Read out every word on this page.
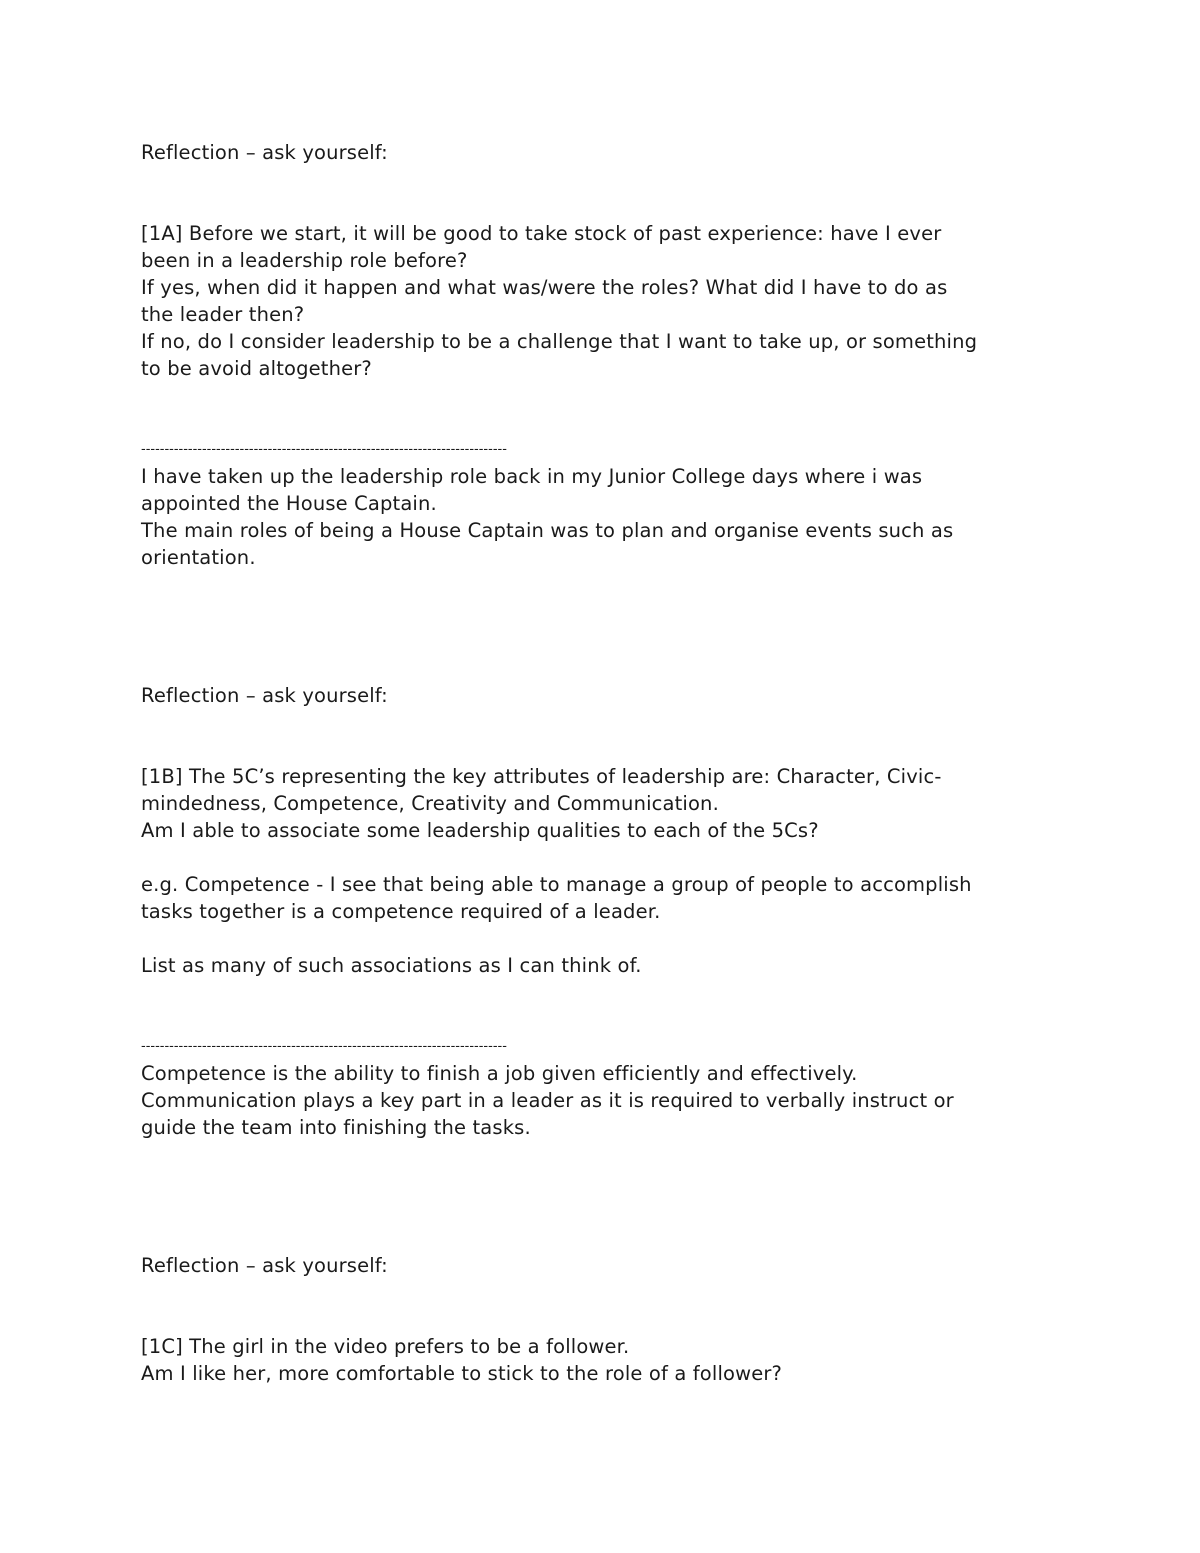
Reflection – ask yourself:
[1A] Before we start, it will be good to take stock of past experience: have I ever
been in a leadership role before?
If yes, when did it happen and what was/were the roles? What did I have to do as
the leader then?
If no, do I consider leadership to be a challenge that I want to take up, or something
to be avoid altogether?
------------------------------------------------------------------------------
I have taken up the leadership role back in my Junior College days where i was
appointed the House Captain.
The main roles of being a House Captain was to plan and organise events such as
orientation.
Reflection – ask yourself:
[1B] The 5C’s representing the key attributes of leadership are: Character, Civic-
mindedness, Competence, Creativity and Communication.
Am I able to associate some leadership qualities to each of the 5Cs?
e.g. Competence - I see that being able to manage a group of people to accomplish
tasks together is a competence required of a leader.
List as many of such associations as I can think of.
------------------------------------------------------------------------------
Competence is the ability to finish a job given efficiently and effectively.
Communication plays a key part in a leader as it is required to verbally instruct or
guide the team into finishing the tasks.
Reflection – ask yourself:
[1C] The girl in the video prefers to be a follower.
Am I like her, more comfortable to stick to the role of a follower?
